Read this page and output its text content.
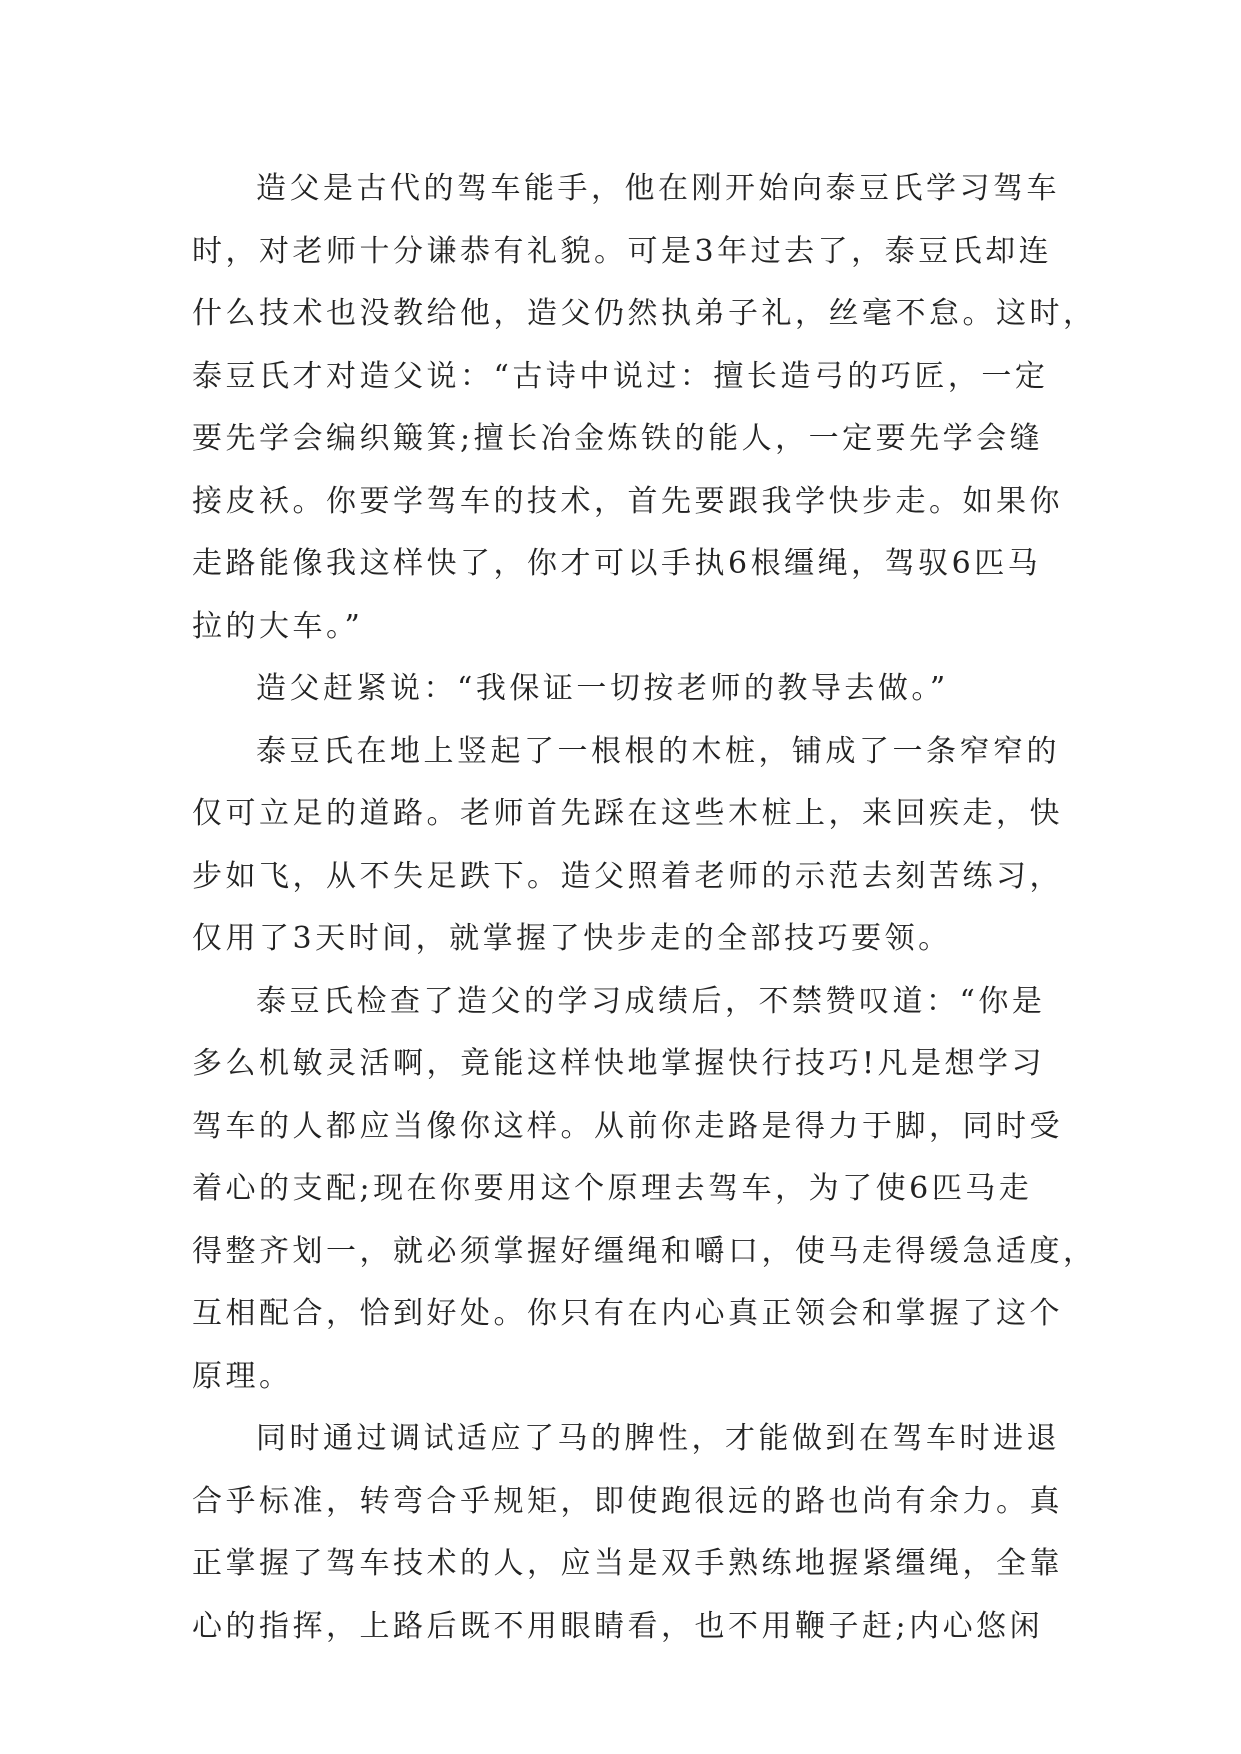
造父是古代的驾车能手，他在刚开始向泰豆氏学习驾车
时，对老师十分谦恭有礼貌。可是3年过去了，泰豆氏却连
什么技术也没教给他，造父仍然执弟子礼，丝毫不怠。这时，
泰豆氏才对造父说：“古诗中说过：擅长造弓的巧匠，一定
要先学会编织簸箕;擅长冶金炼铁的能人，一定要先学会缝
接皮袄。你要学驾车的技术，首先要跟我学快步走。如果你
走路能像我这样快了，你才可以手执6根缰绳，驾驭6匹马
拉的大车。”
造父赶紧说：“我保证一切按老师的教导去做。”
泰豆氏在地上竖起了一根根的木桩，铺成了一条窄窄的
仅可立足的道路。老师首先踩在这些木桩上，来回疾走，快
步如飞，从不失足跌下。造父照着老师的示范去刻苦练习，
仅用了3天时间，就掌握了快步走的全部技巧要领。
泰豆氏检查了造父的学习成绩后，不禁赞叹道：“你是
多么机敏灵活啊，竟能这样快地掌握快行技巧!凡是想学习
驾车的人都应当像你这样。从前你走路是得力于脚，同时受
着心的支配;现在你要用这个原理去驾车，为了使6匹马走
得整齐划一，就必须掌握好缰绳和嚼口，使马走得缓急适度，
互相配合，恰到好处。你只有在内心真正领会和掌握了这个
原理。
同时通过调试适应了马的脾性，才能做到在驾车时进退
合乎标准，转弯合乎规矩，即使跑很远的路也尚有余力。真
正掌握了驾车技术的人，应当是双手熟练地握紧缰绳，全靠
心的指挥，上路后既不用眼睛看，也不用鞭子赶;内心悠闲
